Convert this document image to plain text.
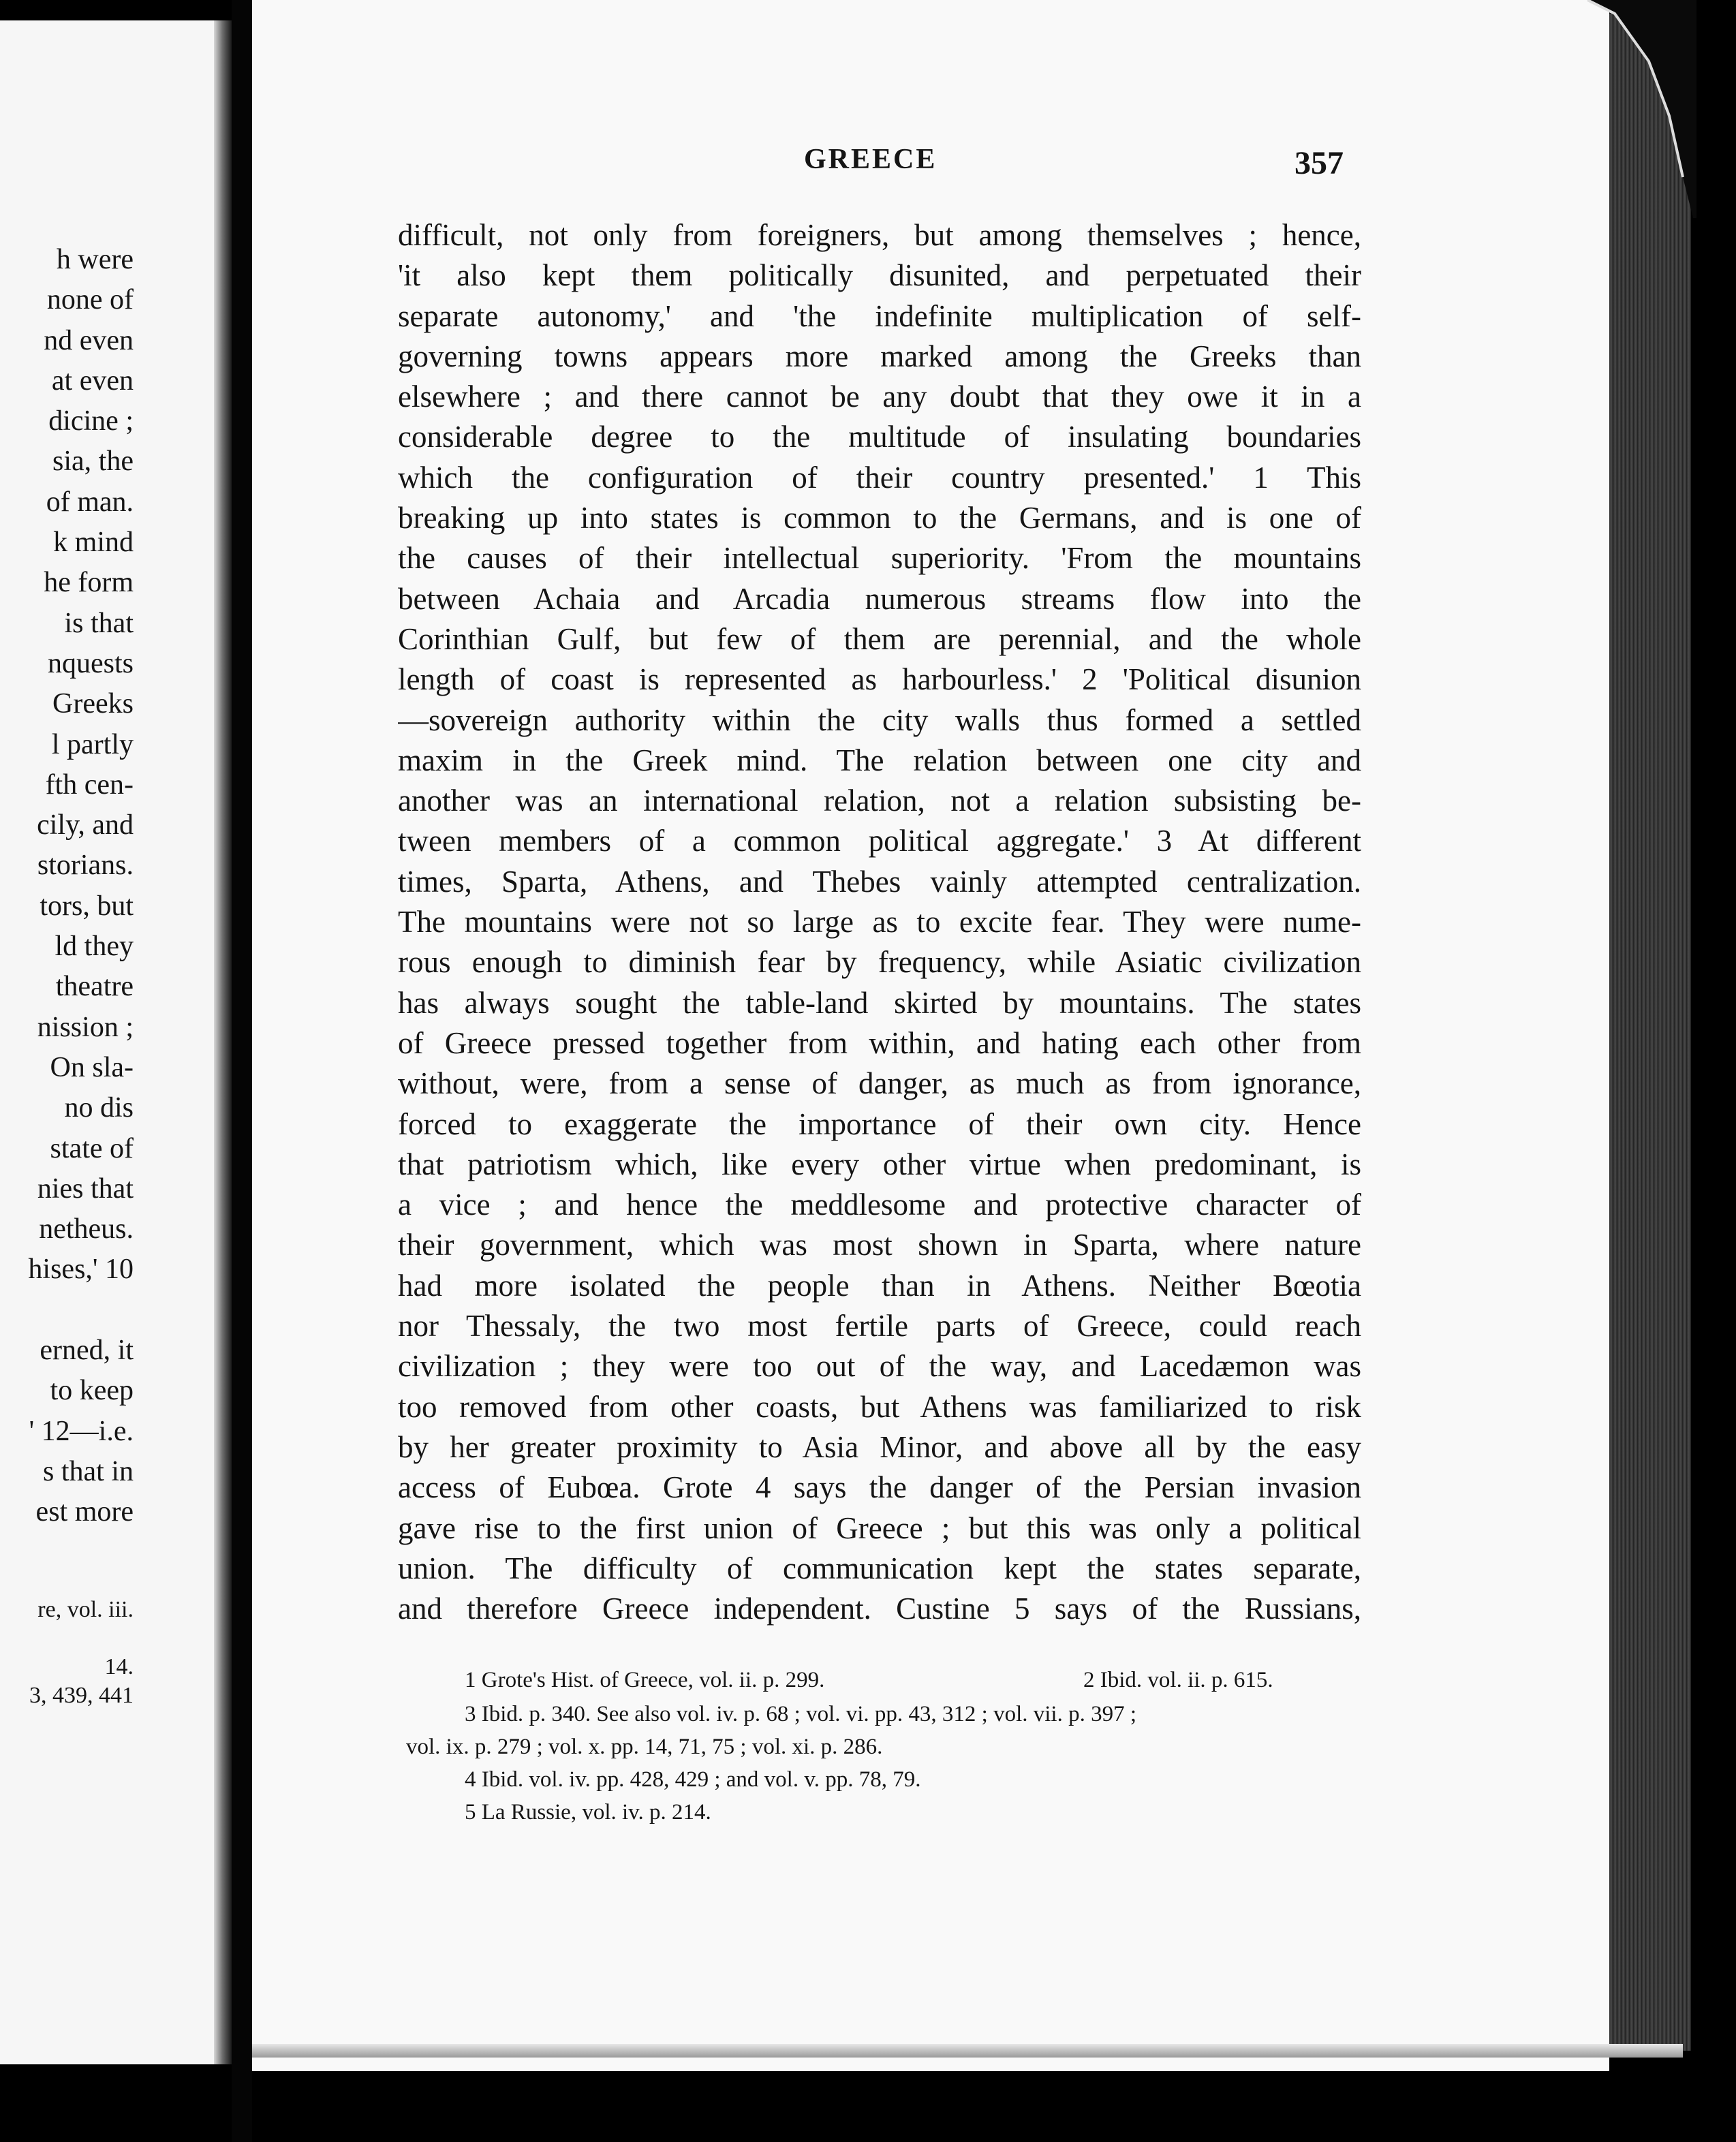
h were
none of
nd even
at even
dicine ;
sia, the
of man.
k mind
he form
is that
nquests
Greeks
l partly
fth cen-
cily, and
storians.
tors, but
ld they
theatre
nission ;
On sla-
no dis
state of
nies that
netheus.
hises,' 10
erned, it
to keep
' 12—i.e.
s that in
est more
re, vol. iii.
14.
3, 439, 441
GREECE	357
difficult, not only from foreigners, but among themselves ; hence,
'it also kept them politically disunited, and perpetuated their
separate autonomy,' and 'the indefinite multiplication of self-
governing towns appears more marked among the Greeks than
elsewhere ; and there cannot be any doubt that they owe it in a
considerable degree to the multitude of insulating boundaries
which the configuration of their country presented.' 1 This
breaking up into states is common to the Germans, and is one of
the causes of their intellectual superiority. 'From the mountains
between Achaia and Arcadia numerous streams flow into the
Corinthian Gulf, but few of them are perennial, and the whole
length of coast is represented as harbourless.' 2 'Political disunion
—sovereign authority within the city walls thus formed a settled
maxim in the Greek mind. The relation between one city and
another was an international relation, not a relation subsisting be-
tween members of a common political aggregate.' 3 At different
times, Sparta, Athens, and Thebes vainly attempted centralization.
The mountains were not so large as to excite fear. They were nume-
rous enough to diminish fear by frequency, while Asiatic civilization
has always sought the table-land skirted by mountains. The states
of Greece pressed together from within, and hating each other from
without, were, from a sense of danger, as much as from ignorance,
forced to exaggerate the importance of their own city. Hence
that patriotism which, like every other virtue when predominant, is
a vice ; and hence the meddlesome and protective character of
their government, which was most shown in Sparta, where nature
had more isolated the people than in Athens. Neither Bœotia
nor Thessaly, the two most fertile parts of Greece, could reach
civilization ; they were too out of the way, and Lacedæmon was
too removed from other coasts, but Athens was familiarized to risk
by her greater proximity to Asia Minor, and above all by the easy
access of Eubœa. Grote 4 says the danger of the Persian invasion
gave rise to the first union of Greece ; but this was only a political
union. The difficulty of communication kept the states separate,
and therefore Greece independent. Custine 5 says of the Russians,
1 Grote's Hist. of Greece, vol. ii. p. 299.	2 Ibid. vol. ii. p. 615.
3 Ibid. p. 340. See also vol. iv. p. 68 ; vol. vi. pp. 43, 312 ; vol. vii. p. 397 ;
vol. ix. p. 279 ; vol. x. pp. 14, 71, 75 ; vol. xi. p. 286.
4 Ibid. vol. iv. pp. 428, 429 ; and vol. v. pp. 78, 79.
5 La Russie, vol. iv. p. 214.
